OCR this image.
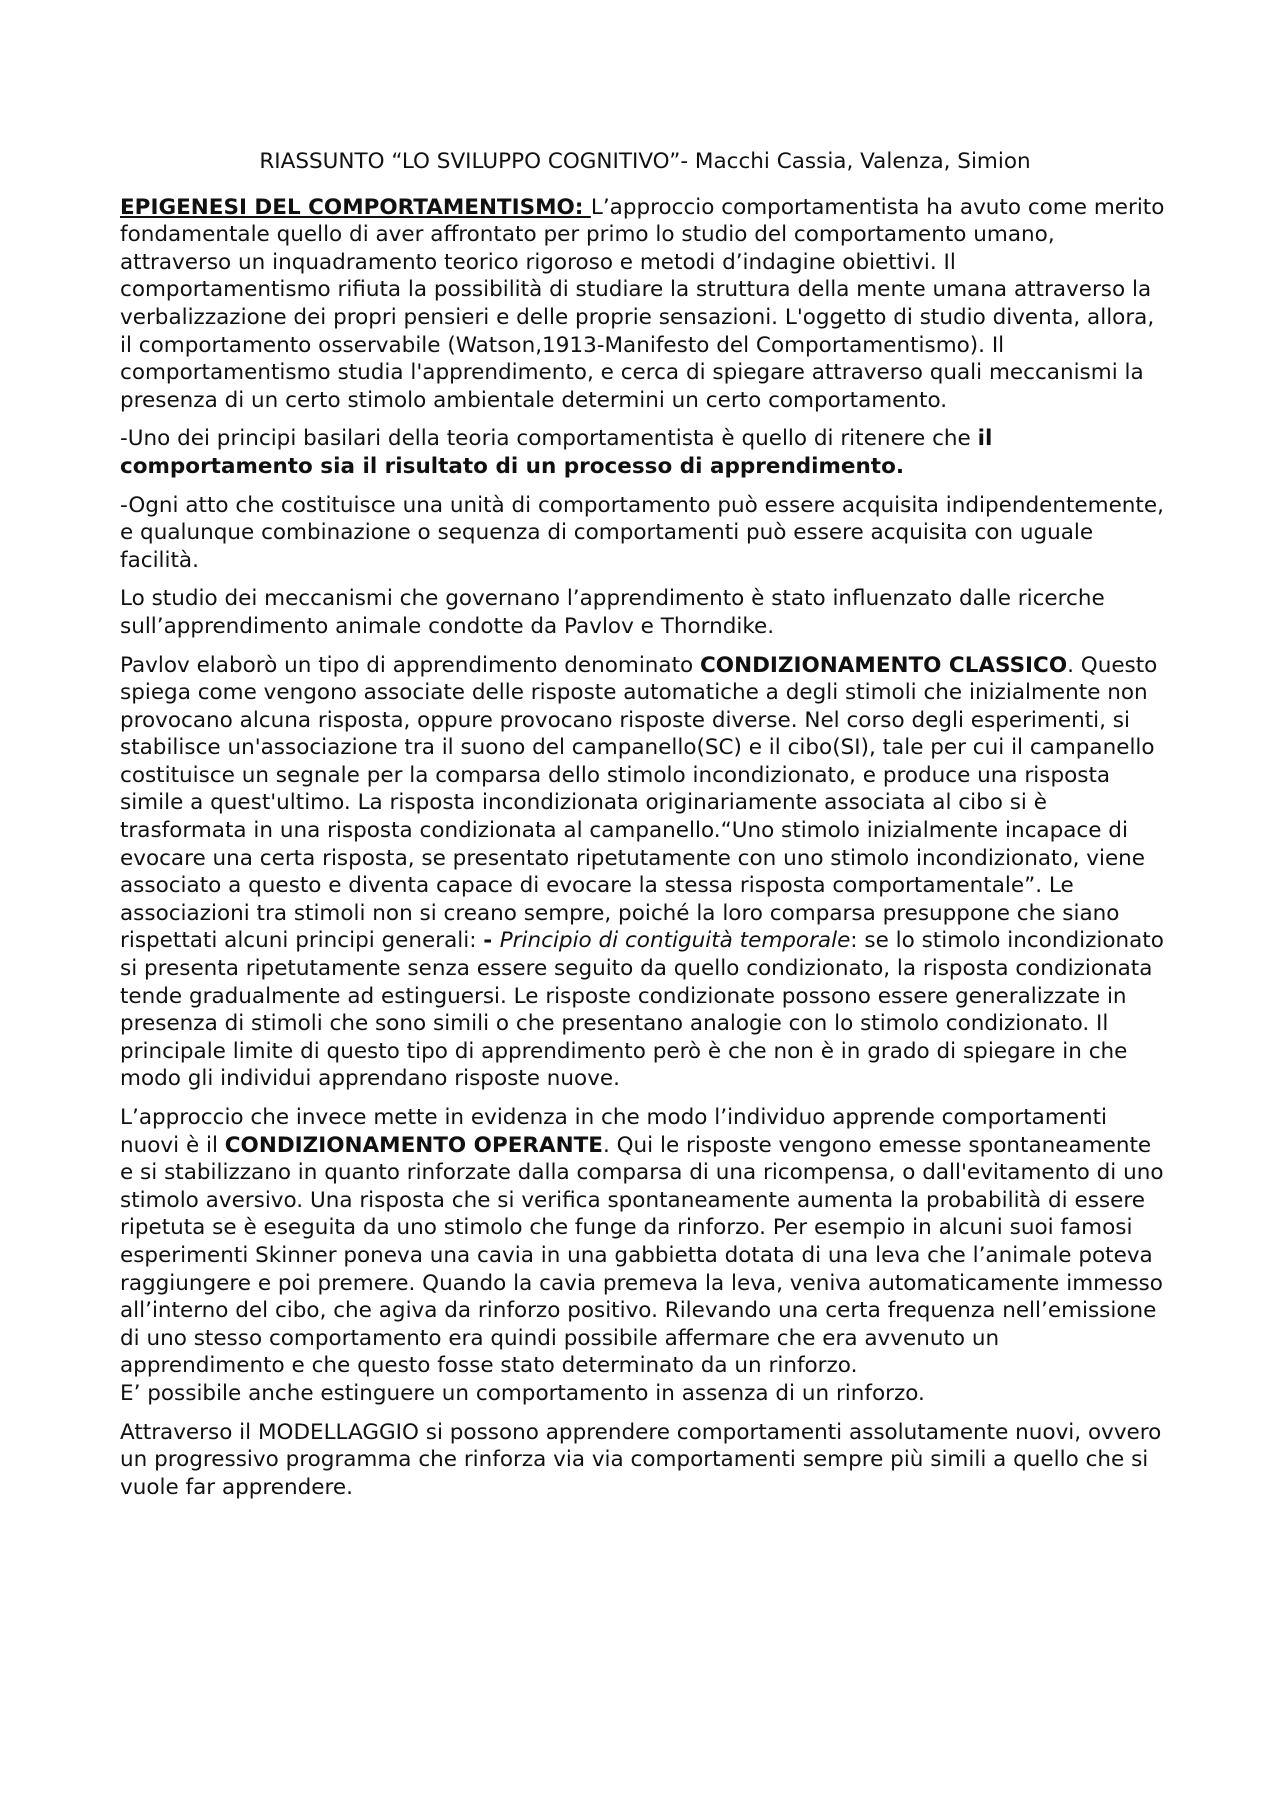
RIASSUNTO “LO SVILUPPO COGNITIVO”- Macchi Cassia, Valenza, Simion

EPIGENESI DEL COMPORTAMENTISMO: L’approccio comportamentista ha avuto come merito fondamentale quello di aver affrontato per primo lo studio del comportamento umano, attraverso un inquadramento teorico rigoroso e metodi d’indagine obiettivi. Il comportamentismo rifiuta la possibilità di studiare la struttura della mente umana attraverso la verbalizzazione dei propri pensieri e delle proprie sensazioni. L'oggetto di studio diventa, allora, il comportamento osservabile (Watson,1913-Manifesto del Comportamentismo). Il comportamentismo studia l'apprendimento, e cerca di spiegare attraverso quali meccanismi la presenza di un certo stimolo ambientale determini un certo comportamento.

-Uno dei principi basilari della teoria comportamentista è quello di ritenere che il comportamento sia il risultato di un processo di apprendimento.

-Ogni atto che costituisce una unità di comportamento può essere acquisita indipendentemente, e qualunque combinazione o sequenza di comportamenti può essere acquisita con uguale facilità.

Lo studio dei meccanismi che governano l’apprendimento è stato influenzato dalle ricerche sull’apprendimento animale condotte da Pavlov e Thorndike.

Pavlov elaborò un tipo di apprendimento denominato CONDIZIONAMENTO CLASSICO. Questo spiega come vengono associate delle risposte automatiche a degli stimoli che inizialmente non provocano alcuna risposta, oppure provocano risposte diverse. Nel corso degli esperimenti, si stabilisce un'associazione tra il suono del campanello(SC) e il cibo(SI), tale per cui il campanello costituisce un segnale per la comparsa dello stimolo incondizionato, e produce una risposta simile a quest'ultimo. La risposta incondizionata originariamente associata al cibo si è trasformata in una risposta condizionata al campanello.“Uno stimolo inizialmente incapace di evocare una certa risposta, se presentato ripetutamente con uno stimolo incondizionato, viene associato a questo e diventa capace di evocare la stessa risposta comportamentale”. Le associazioni tra stimoli non si creano sempre, poiché la loro comparsa presuppone che siano rispettati alcuni principi generali: - Principio di contiguità temporale: se lo stimolo incondizionato si presenta ripetutamente senza essere seguito da quello condizionato, la risposta condizionata tende gradualmente ad estinguersi. Le risposte condizionate possono essere generalizzate in presenza di stimoli che sono simili o che presentano analogie con lo stimolo condizionato. Il principale limite di questo tipo di apprendimento però è che non è in grado di spiegare in che modo gli individui apprendano risposte nuove.

L’approccio che invece mette in evidenza in che modo l’individuo apprende comportamenti nuovi è il CONDIZIONAMENTO OPERANTE. Qui le risposte vengono emesse spontaneamente e si stabilizzano in quanto rinforzate dalla comparsa di una ricompensa, o dall'evitamento di uno stimolo aversivo. Una risposta che si verifica spontaneamente aumenta la probabilità di essere ripetuta se è eseguita da uno stimolo che funge da rinforzo. Per esempio in alcuni suoi famosi esperimenti Skinner poneva una cavia in una gabbietta dotata di una leva che l’animale poteva raggiungere e poi premere. Quando la cavia premeva la leva, veniva automaticamente immesso all’interno del cibo, che agiva da rinforzo positivo. Rilevando una certa frequenza nell’emissione di uno stesso comportamento era quindi possibile affermare che era avvenuto un apprendimento e che questo fosse stato determinato da un rinforzo.
E’ possibile anche estinguere un comportamento in assenza di un rinforzo.

Attraverso il MODELLAGGIO si possono apprendere comportamenti assolutamente nuovi, ovvero un progressivo programma che rinforza via via comportamenti sempre più simili a quello che si vuole far apprendere.
